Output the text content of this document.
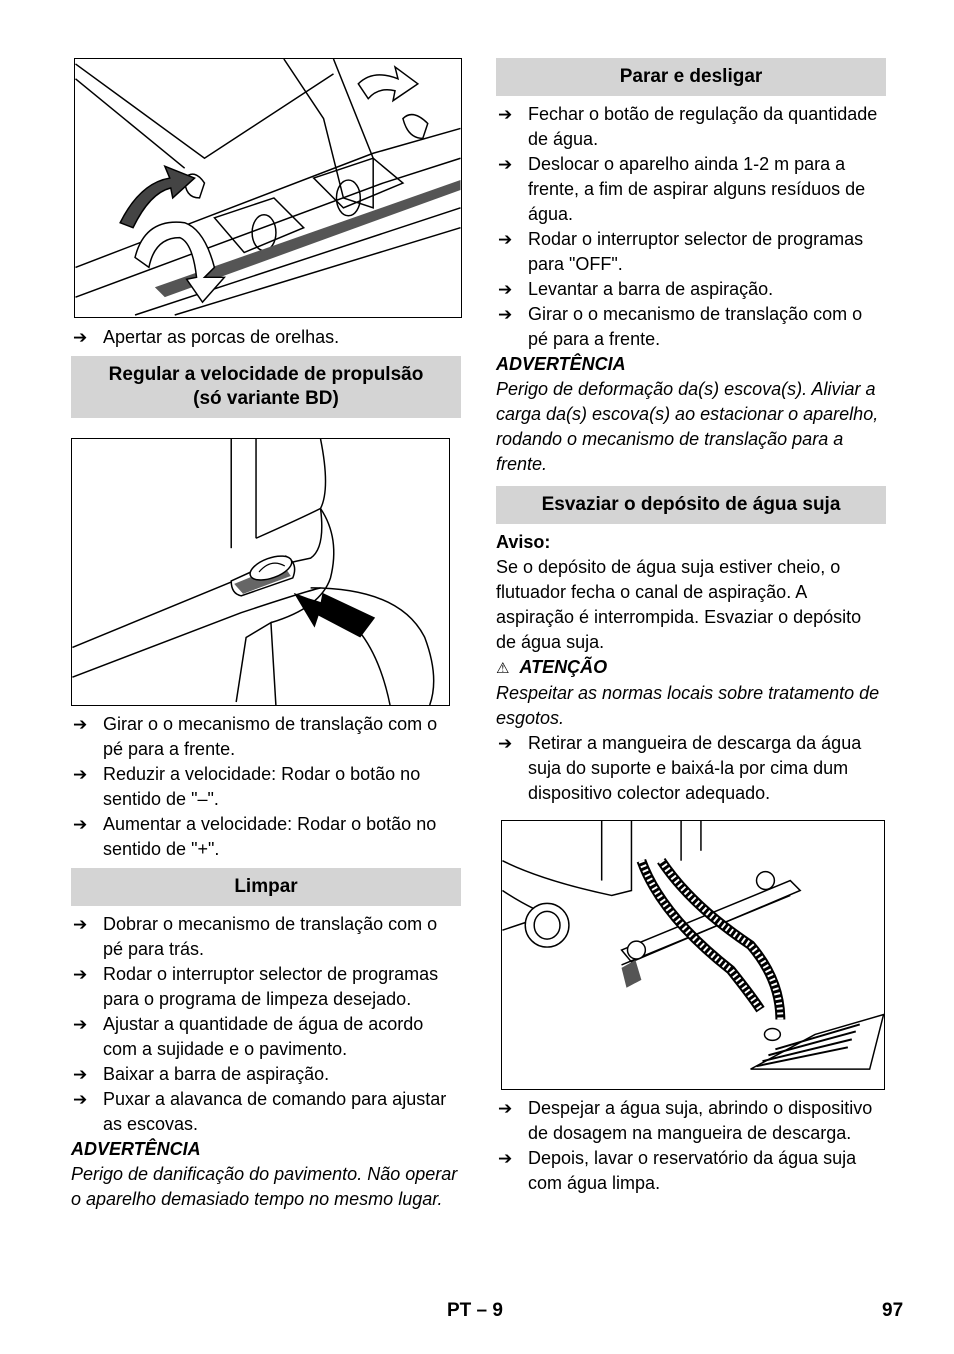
➔ Apertar as porcas de orelhas.
Regular a velocidade de propulsão
(só variante BD)
➔ Girar o o mecanismo de translação com o pé para a frente.
➔ Reduzir a velocidade: Rodar o botão no sentido de "–".
➔ Aumentar a velocidade: Rodar o botão no sentido de "+".
Limpar
➔ Dobrar o mecanismo de translação com o pé para trás.
➔ Rodar o interruptor selector de programas para o programa de limpeza desejado.
➔ Ajustar a quantidade de água de acordo com a sujidade e o pavimento.
➔ Baixar a barra de aspiração.
➔ Puxar a alavanca de comando para ajustar as escovas.
ADVERTÊNCIA
Perigo de danificação do pavimento. Não operar o aparelho demasiado tempo no mesmo lugar.
Parar e desligar
➔ Fechar o botão de regulação da quantidade de água.
➔ Deslocar o aparelho ainda 1-2 m para a frente, a fim de aspirar alguns resíduos de água.
➔ Rodar o interruptor selector de programas para "OFF".
➔ Levantar a barra de aspiração.
➔ Girar o o mecanismo de translação com o pé para a frente.
ADVERTÊNCIA
Perigo de deformação da(s) escova(s). Aliviar a carga da(s) escova(s) ao estacionar o aparelho, rodando o mecanismo de translação para a frente.
Esvaziar o depósito de água suja
Aviso:
Se o depósito de água suja estiver cheio, o flutuador fecha o canal de aspiração. A aspiração é interrompida. Esvaziar o depósito de água suja.
⚠ ATENÇÃO
Respeitar as normas locais sobre tratamento de esgotos.
➔ Retirar a mangueira de descarga da água suja do suporte e baixá-la por cima dum dispositivo colector adequado.
➔ Despejar a água suja, abrindo o dispositivo de dosagem na mangueira de descarga.
➔ Depois, lavar o reservatório da água suja com água limpa.
PT – 9	97
